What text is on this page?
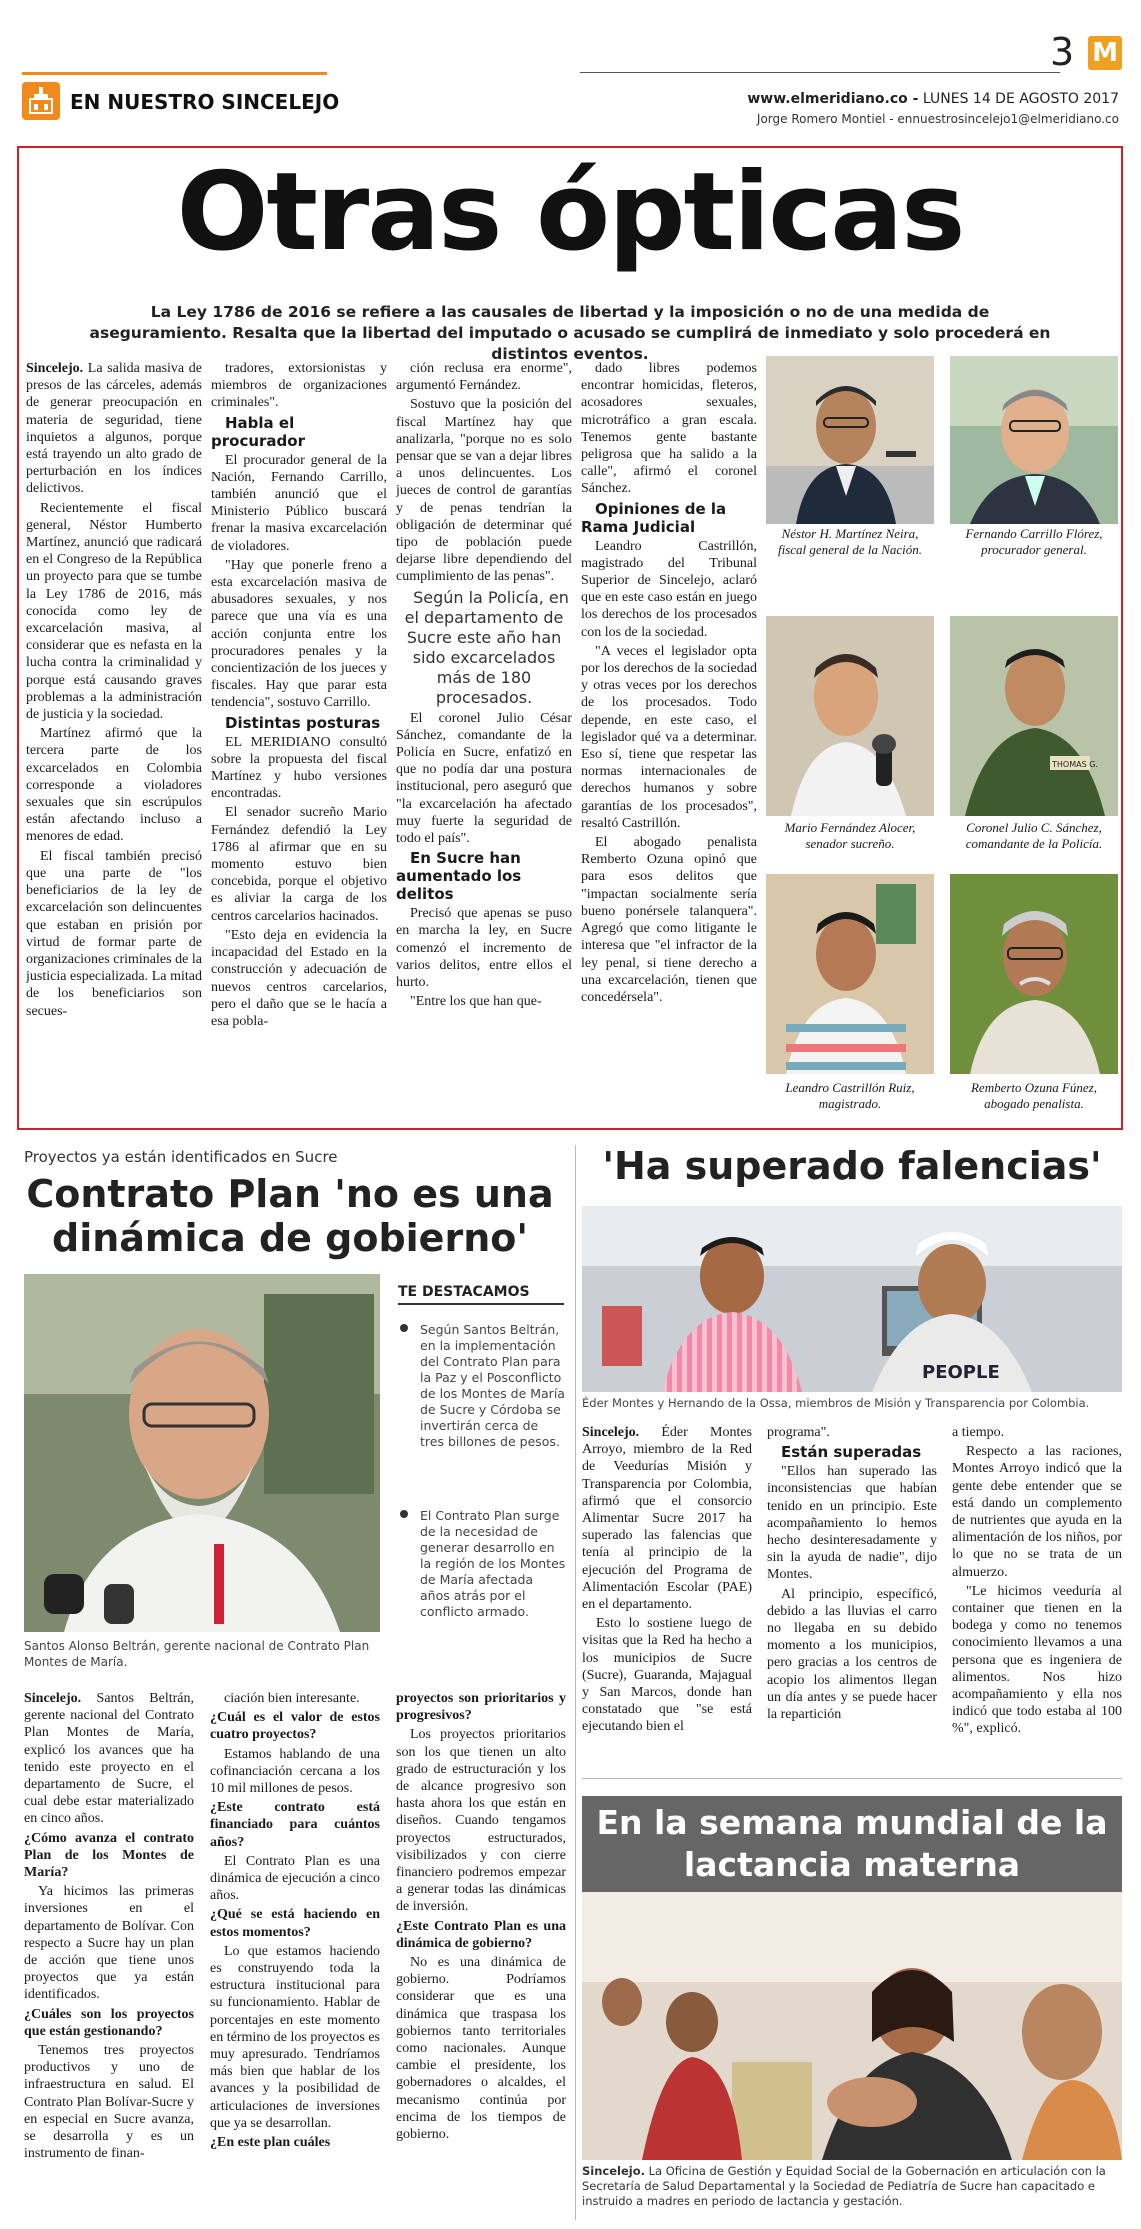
EN NUESTRO SINCELEJO
3 M
www.elmeridiano.co - LUNES 14 DE AGOSTO 2017
Jorge Romero Montiel - ennuestrosincelejo1@elmeridiano.co
Otras ópticas
La Ley 1786 de 2016 se refiere a las causales de libertad y la imposición o no de una medida de aseguramiento. Resalta que la libertad del imputado o acusado se cumplirá de inmediato y solo procederá en distintos eventos.

Sincelejo. La salida masiva de presos de las cárceles, además de generar preocupación en materia de seguridad, tiene inquietos a algunos, porque está trayendo un alto grado de perturbación en los índices delictivos.

Recientemente el fiscal general, Néstor Humberto Martínez, anunció que radicará en el Congreso de la República un proyecto para que se tumbe la Ley 1786 de 2016, más conocida como ley de excarcelación masiva, al considerar que es nefasta en la lucha contra la criminalidad y porque está causando graves problemas a la administración de justicia y la sociedad.

Martínez afirmó que la tercera parte de los excarcelados en Colombia corresponde a violadores sexuales que sin escrúpulos están afectando incluso a menores de edad.

El fiscal también precisó que una parte de "los beneficiarios de la ley de excarcelación son delincuentes que estaban en prisión por virtud de formar parte de organizaciones criminales de la justicia especializada. La mitad de los beneficiarios son secues-

tradores, extorsionistas y miembros de organizaciones criminales".

Habla el procurador

El procurador general de la Nación, Fernando Carrillo, también anunció que el Ministerio Público buscará frenar la masiva excarcelación de violadores.

"Hay que ponerle freno a esta excarcelación masiva de abusadores sexuales, y nos parece que una vía es una acción conjunta entre los procuradores penales y la concientización de los jueces y fiscales. Hay que parar esta tendencia", sostuvo Carrillo.

Distintas posturas

EL MERIDIANO consultó sobre la propuesta del fiscal Martínez y hubo versiones encontradas.

El senador sucreño Mario Fernández defendió la Ley 1786 al afirmar que en su momento estuvo bien concebida, porque el objetivo es aliviar la carga de los centros carcelarios hacinados.

"Esto deja en evidencia la incapacidad del Estado en la construcción y adecuación de nuevos centros carcelarios, pero el daño que se le hacía a esa pobla-

ción reclusa era enorme", argumentó Fernández.

Sostuvo que la posición del fiscal Martínez hay que analizarla, "porque no es solo pensar que se van a dejar libres a unos delincuentes. Los jueces de control de garantías y de penas tendrían la obligación de determinar qué tipo de población puede dejarse libre dependiendo del cumplimiento de las penas".

Según la Policía, en el departamento de Sucre este año han sido excarcelados más de 180 procesados.

El coronel Julio César Sánchez, comandante de la Policía en Sucre, enfatizó en que no podía dar una postura institucional, pero aseguró que "la excarcelación ha afectado muy fuerte la seguridad de todo el país".

En Sucre han aumentado los delitos

Precisó que apenas se puso en marcha la ley, en Sucre comenzó el incremento de varios delitos, entre ellos el hurto.

"Entre los que han que-

dado libres podemos encontrar homicidas, fleteros, acosadores sexuales, microtráfico a gran escala. Tenemos gente bastante peligrosa que ha salido a la calle", afirmó el coronel Sánchez.

Opiniones de la Rama Judicial

Leandro Castrillón, magistrado del Tribunal Superior de Sincelejo, aclaró que en este caso están en juego los derechos de los procesados con los de la sociedad.

"A veces el legislador opta por los derechos de la sociedad y otras veces por los derechos de los procesados. Todo depende, en este caso, el legislador qué va a determinar. Eso sí, tiene que respetar las normas internacionales de derechos humanos y sobre garantías de los procesados", resaltó Castrillón.

El abogado penalista Remberto Ozuna opinó que para esos delitos que "impactan socialmente sería bueno ponérsele talanquera". Agregó que como litigante le interesa que "el infractor de la ley penal, si tiene derecho a una excarcelación, tienen que concedérsela".

Néstor H. Martínez Neira, fiscal general de la Nación.
Fernando Carrillo Flórez, procurador general.
THOMAS G.
Mario Fernández Alocer, senador sucreño.
Coronel Julio C. Sánchez, comandante de la Policía.
Leandro Castrillón Ruiz, magistrado.
Remberto Ozuna Fúnez, abogado penalista.
Proyectos ya están identificados en Sucre
Contrato Plan 'no es una dinámica de gobierno'
Santos Alonso Beltrán, gerente nacional de Contrato Plan Montes de María.
TE DESTACAMOS
Según Santos Beltrán, en la implementación del Contrato Plan para la Paz y el Posconflicto de los Montes de María de Sucre y Córdoba se invertirán cerca de tres billones de pesos.
El Contrato Plan surge de la necesidad de generar desarrollo en la región de los Montes de María afectada años atrás por el conflicto armado.

Sincelejo. Santos Beltrán, gerente nacional del Contrato Plan Montes de María, explicó los avances que ha tenido este proyecto en el departamento de Sucre, el cual debe estar materializado en cinco años.

¿Cómo avanza el contrato Plan de los Montes de María?

Ya hicimos las primeras inversiones en el departamento de Bolívar. Con respecto a Sucre hay un plan de acción que tiene unos proyectos que ya están identificados.

¿Cuáles son los proyectos que están gestionando?

Tenemos tres proyectos productivos y uno de infraestructura en salud. El Contrato Plan Bolívar-Sucre y en especial en Sucre avanza, se desarrolla y es un instrumento de finan-

ciación bien interesante.

¿Cuál es el valor de estos cuatro proyectos?

Estamos hablando de una cofinanciación cercana a los 10 mil millones de pesos.

¿Este contrato está financiado para cuántos años?

El Contrato Plan es una dinámica de ejecución a cinco años.

¿Qué se está haciendo en estos momentos?

Lo que estamos haciendo es construyendo toda la estructura institucional para su funcionamiento. Hablar de porcentajes en este momento en término de los proyectos es muy apresurado. Tendríamos más bien que hablar de los avances y la posibilidad de articulaciones de inversiones que ya se desarrollan.

¿En este plan cuáles

proyectos son prioritarios y progresivos?

Los proyectos prioritarios son los que tienen un alto grado de estructuración y los de alcance progresivo son hasta ahora los que están en diseños. Cuando tengamos proyectos estructurados, visibilizados y con cierre financiero podremos empezar a generar todas las dinámicas de inversión.

¿Este Contrato Plan es una dinámica de gobierno?

No es una dinámica de gobierno. Podríamos considerar que es una dinámica que traspasa los gobiernos tanto territoriales como nacionales. Aunque cambie el presidente, los gobernadores o alcaldes, el mecanismo continúa por encima de los tiempos de gobierno.

'Ha superado falencias'
PEOPLE
Éder Montes y Hernando de la Ossa, miembros de Misión y Transparencia por Colombia.

Sincelejo. Éder Montes Arroyo, miembro de la Red de Veedurías Misión y Transparencia por Colombia, afirmó que el consorcio Alimentar Sucre 2017 ha superado las falencias que tenía al principio de la ejecución del Programa de Alimentación Escolar (PAE) en el departamento.

Esto lo sostiene luego de visitas que la Red ha hecho a los municipios de Sucre (Sucre), Guaranda, Majagual y San Marcos, donde han constatado que "se está ejecutando bien el

programa".

Están superadas

"Ellos han superado las inconsistencias que habían tenido en un principio. Este acompañamiento lo hemos hecho desinteresadamente y sin la ayuda de nadie", dijo Montes.

Al principio, específicó, debido a las lluvias el carro no llegaba en su debido momento a los municipios, pero gracias a los centros de acopio los alimentos llegan un día antes y se puede hacer la repartición

a tiempo.

Respecto a las raciones, Montes Arroyo indicó que la gente debe entender que se está dando un complemento de nutrientes que ayuda en la alimentación de los niños, por lo que no se trata de un almuerzo.

"Le hicimos veeduría al container que tienen en la bodega y como no tenemos conocimiento llevamos a una persona que es ingeniera de alimentos. Nos hizo acompañamiento y ella nos indicó que todo estaba al 100 %", explicó.

En la semana mundial de la lactancia materna
Sincelejo. La Oficina de Gestión y Equidad Social de la Gobernación en articulación con la Secretaría de Salud Departamental y la Sociedad de Pediatría de Sucre han capacitado e instruido a madres en periodo de lactancia y gestación.
